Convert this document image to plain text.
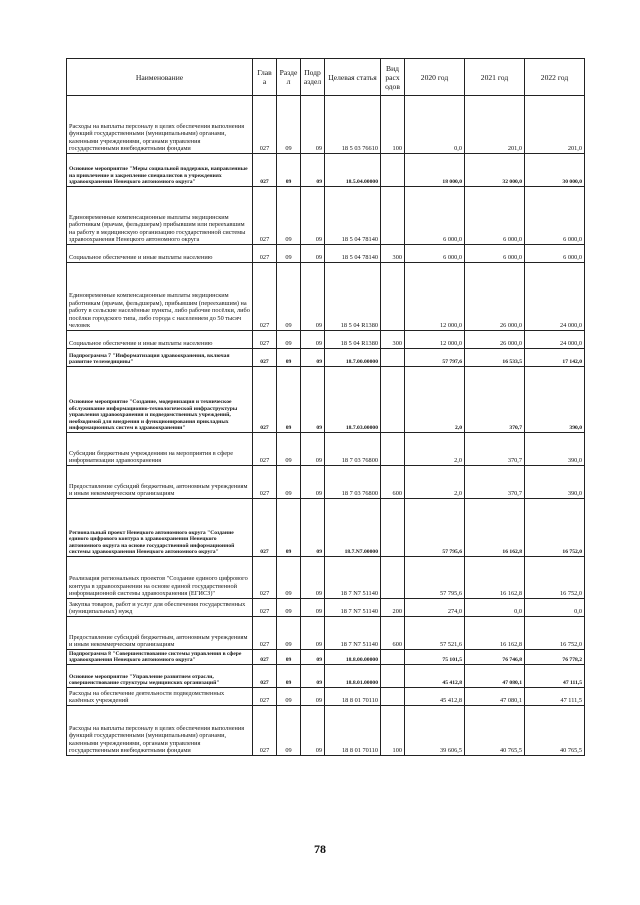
Наименование	Глав а	Разде л	Подр аздел	Целевая статья	Вид расх одов	2020 год	2021 год	2022 год
Расходы на выплаты персоналу в целях обеспечения выполнения функций государственными (муниципальными) органами, казенными учреждениями, органами управления государственными внебюджетными фондами	027	09	09	18 5 03 76610	100	0,0	201,0	201,0
Основное мероприятие "Меры социальной поддержки, направленные на привлечение и закрепление специалистов в учреждениях здравоохранения Ненецкого автономного округа"	027	09	09	18.5.04.00000		18 000,0	32 000,0	30 000,0
Единовременные компенсационные выплаты медицинским работникам (врачам, фельдшерам) прибывшим или переехавшим на работу в медицинскую организацию государственной системы здравоохранения Ненецкого автономного округа	027	09	09	18 5 04 78140		6 000,0	6 000,0	6 000,0
Социальное обеспечение и иные выплаты населению	027	09	09	18 5 04 78140	300	6 000,0	6 000,0	6 000,0
Единовременные компенсационные выплаты медицинским работникам (врачам, фельдшерам), прибывшим (переехавшим) на работу в сельские населённые пункты, либо рабочие посёлки, либо посёлки городского типа, либо города с населением до 50 тысяч человек	027	09	09	18 5 04 R1380		12 000,0	26 000,0	24 000,0
Социальное обеспечение и иные выплаты населению	027	09	09	18 5 04 R1380	300	12 000,0	26 000,0	24 000,0
Подпрограмма 7 "Информатизация здравоохранения, включая развитие телемедицины"	027	09	09	18.7.00.00000		57 797,6	16 533,5	17 142,0
Основное мероприятие "Создание, модернизация и техническое обслуживание информационно-технологической инфраструктуры управления здравоохранения и подведомственных учреждений, необходимой для внедрения и функционирования прикладных информационных систем в здравоохранении"	027	09	09	18.7.03.00000		2,0	370,7	390,0
Субсидии бюджетным учреждениям на мероприятия в сфере информатизации здравоохранения	027	09	09	18 7 03 76800		2,0	370,7	390,0
Предоставление субсидий бюджетным, автономным учреждениям и иным некоммерческим организациям	027	09	09	18 7 03 76800	600	2,0	370,7	390,0
Региональный проект Ненецкого автономного округа "Создание единого цифрового контура в здравоохранении Ненецкого автономного округа на основе государственной информационной системы здравоохранения Ненецкого автономного округа"	027	09	09	18.7.N7.00000		57 795,6	16 162,8	16 752,0
Реализация региональных проектов "Создание единого цифрового контура в здравоохранении на основе единой государственной информационной системы здравоохранения (ЕГИСЗ)"	027	09	09	18 7 N7 51140		57 795,6	16 162,8	16 752,0
Закупка товаров, работ и услуг для обеспечения государственных (муниципальных) нужд	027	09	09	18 7 N7 51140	200	274,0	0,0	0,0
Предоставление субсидий бюджетным, автономным учреждениям и иным некоммерческим организациям	027	09	09	18 7 N7 51140	600	57 521,6	16 162,8	16 752,0
Подпрограмма 8 "Совершенствование системы управления в сфере здравоохранения Ненецкого автономного округа"	027	09	09	18.8.00.00000		75 101,5	76 746,8	76 778,2
Основное мероприятие "Управление развитием отрасли, совершенствование структуры медицинских организаций"	027	09	09	18.8.01.00000		45 412,8	47 080,1	47 111,5
Расходы на обеспечение деятельности подведомственных казённых учреждений	027	09	09	18 8 01 70110		45 412,8	47 080,1	47 111,5
Расходы на выплаты персоналу в целях обеспечения выполнения функций государственными (муниципальными) органами, казенными учреждениями, органами управления государственными внебюджетными фондами	027	09	09	18 8 01 70110	100	39 606,5	40 765,5	40 765,5
78
